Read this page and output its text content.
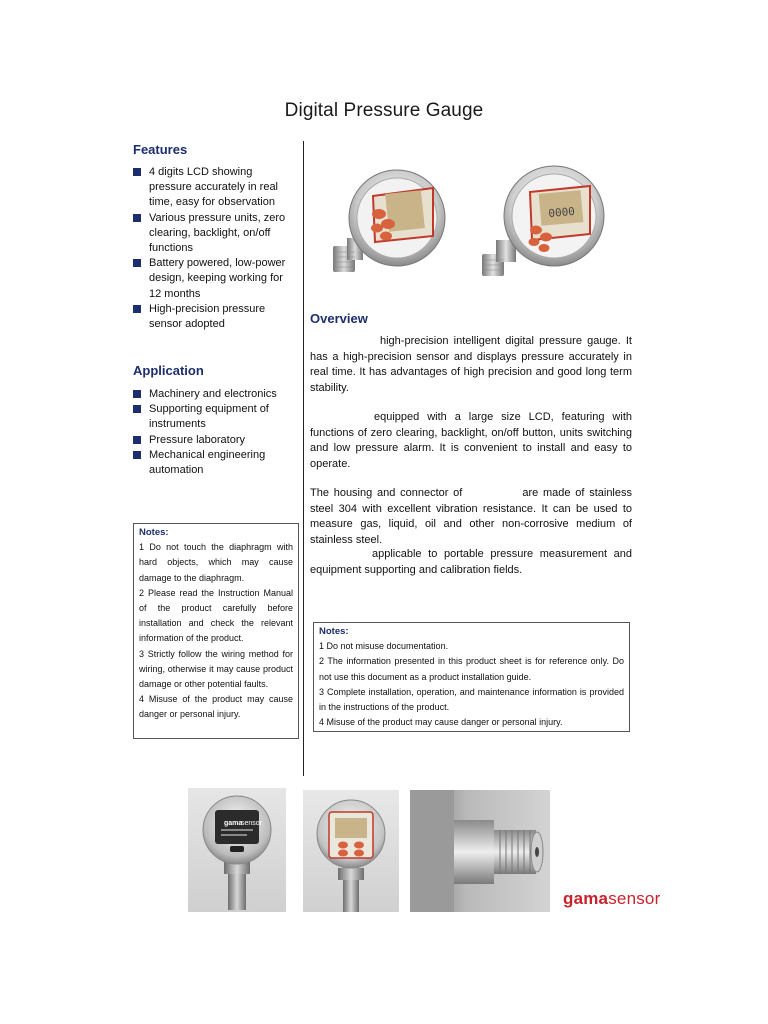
Digital Pressure Gauge
Features
4 digits LCD showing pressure accurately in real time, easy for observation
Various pressure units, zero clearing, backlight, on/off functions
Battery powered, low-power design, keeping working for 12 months
High-precision pressure sensor adopted
Application
Machinery and electronics
Supporting equipment of instruments
Pressure laboratory
Mechanical engineering automation
Notes:

1 Do not touch the diaphragm with hard objects, which may cause damage to the diaphragm.

2 Please read the Instruction Manual of the product carefully before installation and check the relevant information of the product.

3 Strictly follow the wiring method for wiring, otherwise it may cause product damage or other potential faults.

4 Misuse of the product may cause danger or personal injury.

0000
Overview

high-precision intelligent digital pressure gauge. It has a high-precision sensor and displays pressure accurately in real time. It has advantages of high precision and good long term stability.

equipped with a large size LCD, featuring with functions of zero clearing, backlight, on/off button, units switching and low pressure alarm. It is convenient to install and easy to operate.

The housing and connector of	are made of stainless steel 304 with excellent vibration resistance. It can be used to measure gas, liquid, oil and other non-corrosive medium of stainless steel.

applicable to portable pressure measurement and equipment supporting and calibration fields.

Notes:

1 Do not misuse documentation.

2 The information presented in this product sheet is for reference only. Do not use this document as a product installation guide.

3 Complete installation, operation, and maintenance information is provided in the instructions of the product.

4 Misuse of the product may cause danger or personal injury.

gama
sensor
gamasensor
